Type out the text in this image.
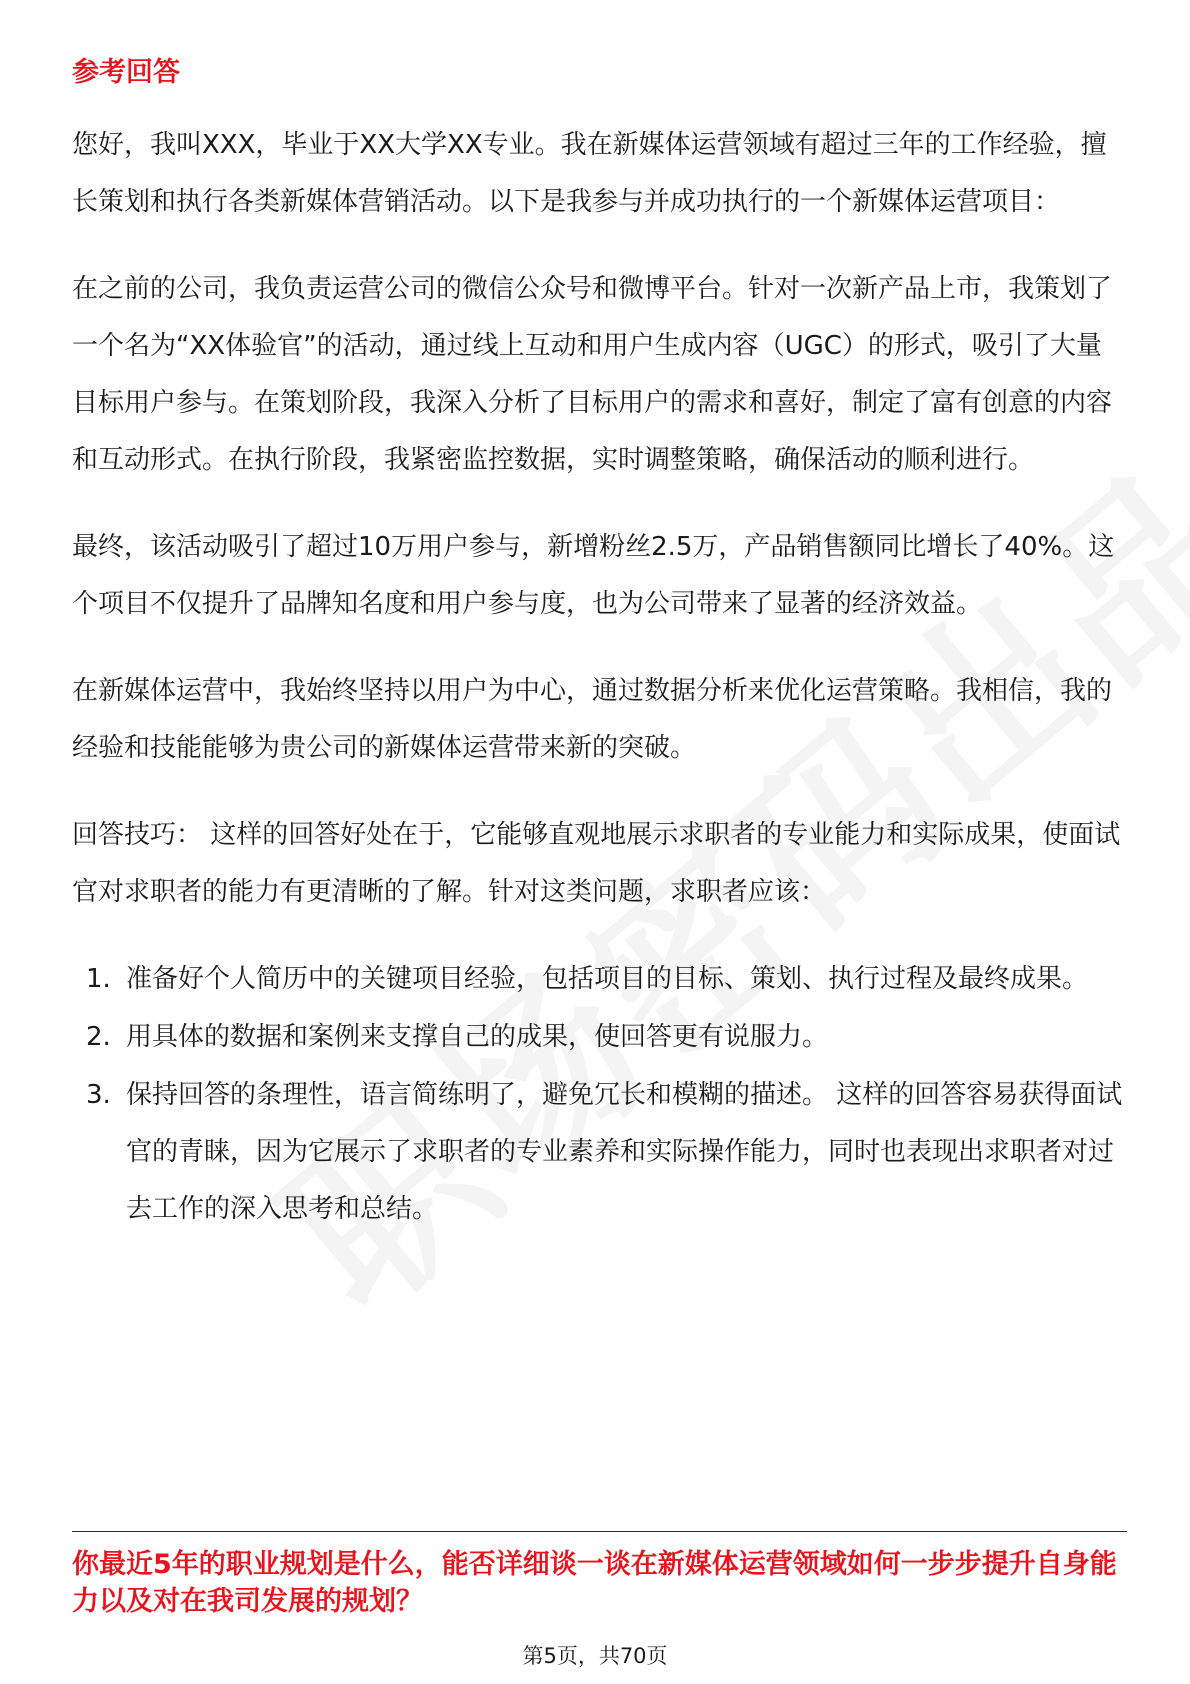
参考回答

您好，我叫XXX，毕业于XX大学XX专业。我在新媒体运营领域有超过三年的工作经验，擅长策划和执行各类新媒体营销活动。以下是我参与并成功执行的一个新媒体运营项目：

在之前的公司，我负责运营公司的微信公众号和微博平台。针对一次新产品上市，我策划了一个名为“XX体验官”的活动，通过线上互动和用户生成内容（UGC）的形式，吸引了大量目标用户参与。在策划阶段，我深入分析了目标用户的需求和喜好，制定了富有创意的内容和互动形式。在执行阶段，我紧密监控数据，实时调整策略，确保活动的顺利进行。

最终，该活动吸引了超过10万用户参与，新增粉丝2.5万，产品销售额同比增长了40%。这个项目不仅提升了品牌知名度和用户参与度，也为公司带来了显著的经济效益。

在新媒体运营中，我始终坚持以用户为中心，通过数据分析来优化运营策略。我相信，我的经验和技能能够为贵公司的新媒体运营带来新的突破。

回答技巧： 这样的回答好处在于，它能够直观地展示求职者的专业能力和实际成果，使面试官对求职者的能力有更清晰的了解。针对这类问题，求职者应该：

1. 准备好个人简历中的关键项目经验，包括项目的目标、策划、执行过程及最终成果。
2. 用具体的数据和案例来支撑自己的成果，使回答更有说服力。
3. 保持回答的条理性，语言简练明了，避免冗长和模糊的描述。 这样的回答容易获得面试官的青睐，因为它展示了求职者的专业素养和实际操作能力，同时也表现出求职者对过去工作的深入思考和总结。
你最近5年的职业规划是什么，能否详细谈一谈在新媒体运营领域如何一步步提升自身能力以及对在我司发展的规划？
第5页，共70页
